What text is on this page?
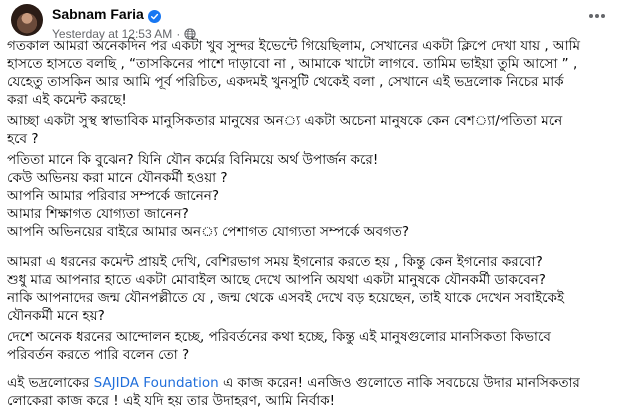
Sabnam Faria
Yesterday at 12:53 AM ·
গতকাল আমরা অনেকদিন পর একটা খুব সুন্দর ইভেন্টে গিয়েছিলাম, সেখানের একটা ক্লিপে দেখা যায় , আমি
হাসতে হাসতে বলছি , “তাসকিনের পাশে দাড়াবো না , আমাকে খাটো লাগবে. তামিম ভাইয়া তুমি আসো ” ,
যেহেতু তাসকিন আর আমি পূর্ব পরিচিত, একদমই খুনসুটি থেকেই বলা , সেখানে এই ভদ্রলোক নিচের মার্ক
করা এই কমেন্ট করছে!
আচ্ছা একটা সুস্থ স্বাভাবিক মানুসিকতার মানুষের অন◌্য একটা অচেনা মানুষকে কেন বেশ◌্যা/পতিতা মনে
হবে ?
পতিতা মানে কি বুঝেন? যিনি যৌন কর্মের বিনিময়ে অর্থ উপার্জন করে!
কেউ অভিনয় করা মানে যৌনকর্মী হওয়া ?
আপনি আমার পরিবার সম্পর্কে জানেন?
আমার শিক্ষাগত যোগ্যতা জানেন?
আপনি অভিনয়ের বাইরে আমার অন◌্য পেশাগত যোগ্যতা সম্পর্কে অবগত?
আমরা এ ধরনের কমেন্ট প্রায়ই দেখি, বেশিরভাগ সময় ইগনোর করতে হয় , কিন্তু কেন ইগনোর করবো?
শুধু মাত্র আপনার হাতে একটা মোবাইল আছে দেখে আপনি অযথা একটা মানুষকে যৌনকর্মী ডাকবেন?
নাকি আপনাদের জন্ম যৌনপল্লীতে যে , জন্ম থেকে এসবই দেখে বড় হয়েছেন, তাই যাকে দেখেন সবাইকেই
যৌনকর্মী মনে হয়?
দেশে অনেক ধরনের আন্দোলন হচ্ছে, পরিবর্তনের কথা হচ্ছে, কিন্তু এই মানুষগুলোর মানসিকতা কিভাবে
পরিবর্তন করতে পারি বলেন তো ?
এই ভদ্রলোকের SAJIDA Foundation এ কাজ করেন! এনজিও গুলোতে নাকি সবচেয়ে উদার মানসিকতার
লোকেরা কাজ করে ! এই যদি হয় তার উদাহরণ, আমি নির্বাক!
